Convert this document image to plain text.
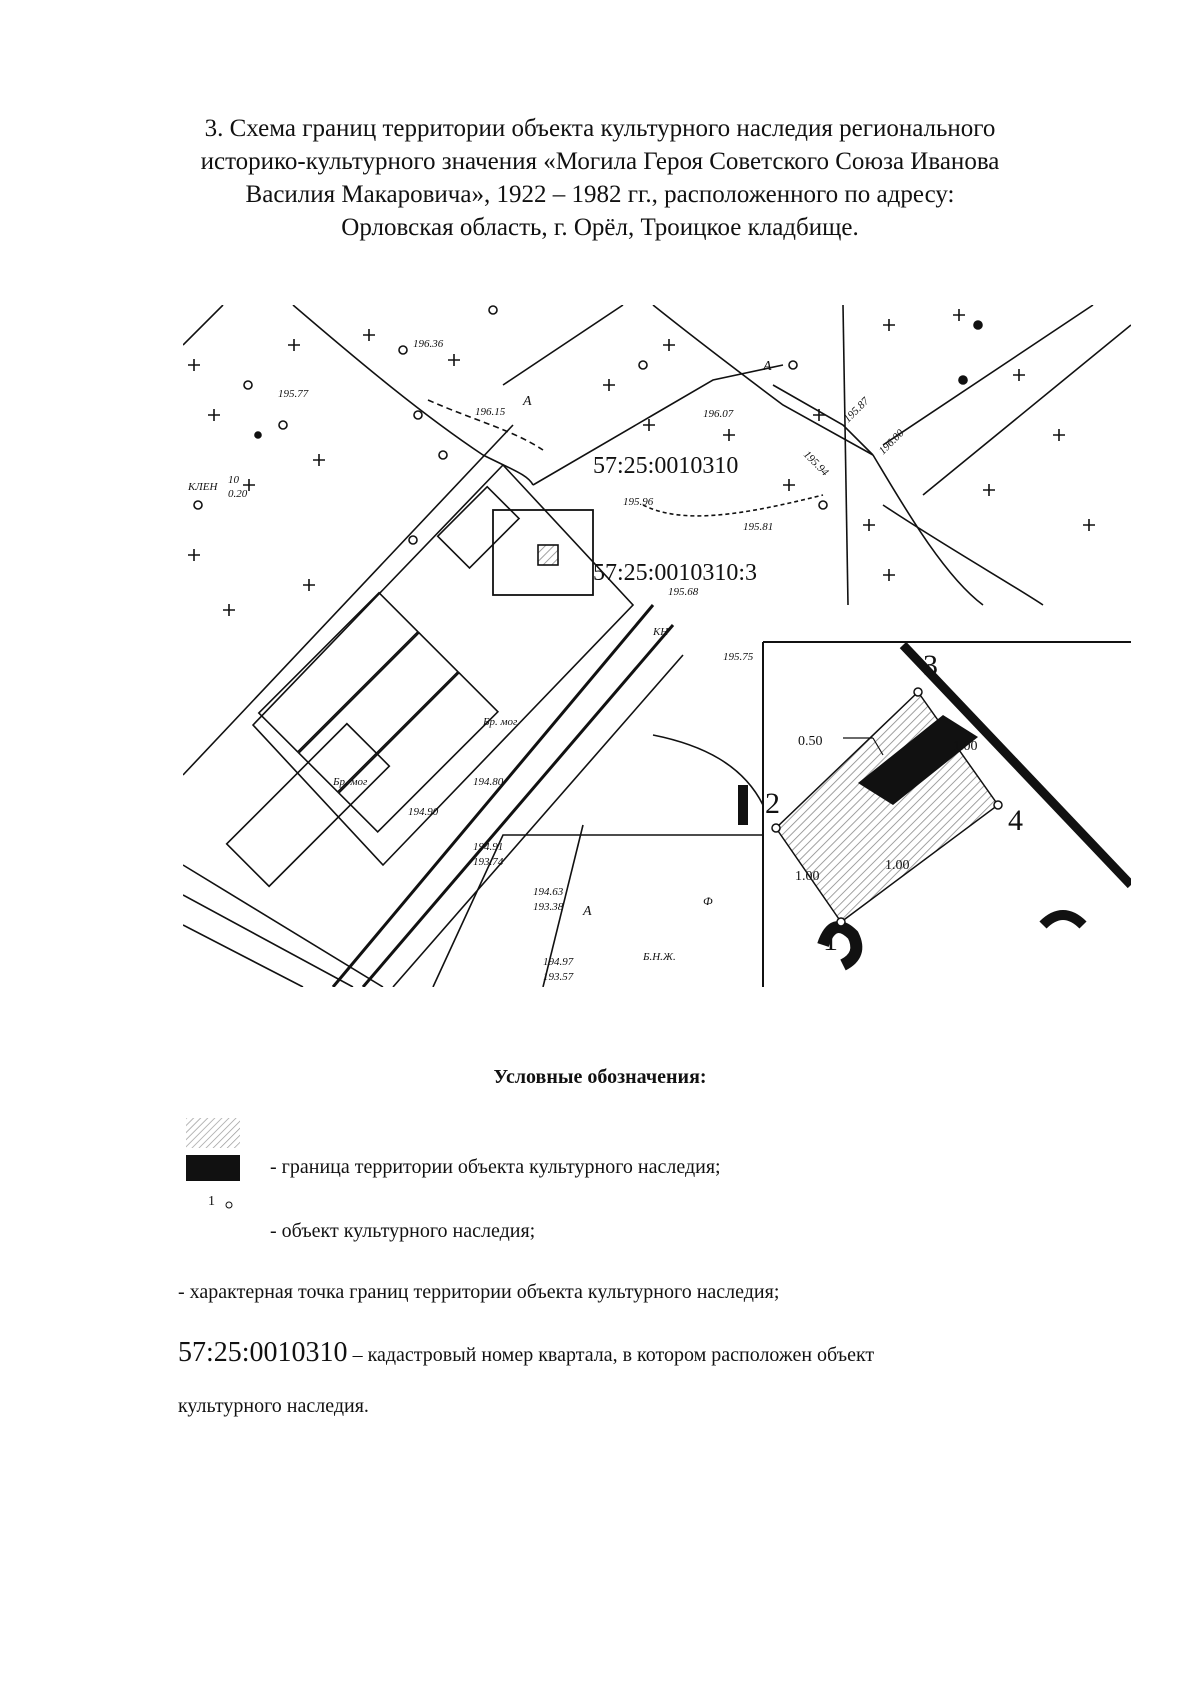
3. Схема границ территории объекта культурного наследия регионального
историко-культурного значения «Могила Героя Советского Союза Иванова
Василия Макаровича», 1922 – 1982 гг., расположенного по адресу:
Орловская область, г. Орёл, Троицкое кладбище.
57:25:0010310
57:25:0010310:3
196.36
195.77
196.15	196.07	195.87
196.00
195.94
195.96
195.81
195.68
195.75
194.91
193.74
194.63
193.38
194.97
193.57
194.90
194.80
КЛЕН
10
0.20
А
А
А
Бр. мог
Бр. мог
КН
Ф
Б.Н.Ж.	1
2
3
4
0.50	1.00
1.00
1.00
Условные обозначения:
1
- граница территории объекта культурного наследия;
- объект культурного наследия;
- характерная точка границ территории объекта культурного наследия;
57:25:0010310 – кадастровый номер квартала, в котором расположен объект
культурного наследия.
